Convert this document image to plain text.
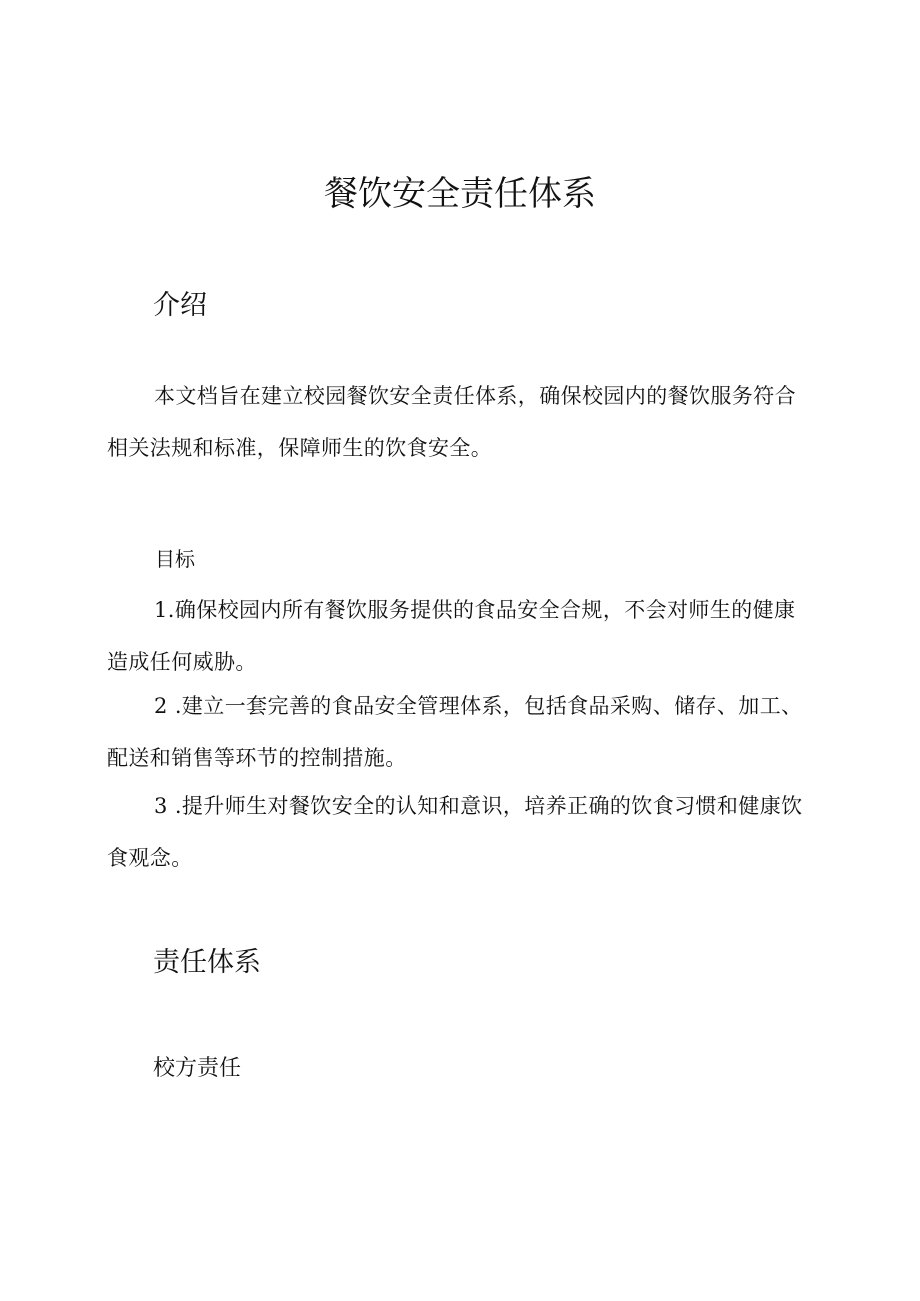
餐饮安全责任体系
介绍

本文档旨在建立校园餐饮安全责任体系，确保校园内的餐饮服务符合相关法规和标准，保障师生的饮食安全。

目标

1.确保校园内所有餐饮服务提供的食品安全合规，不会对师生的健康造成任何威胁。

2 .建立一套完善的食品安全管理体系，包括食品采购、储存、加工、配送和销售等环节的控制措施。

3 .提升师生对餐饮安全的认知和意识，培养正确的饮食习惯和健康饮食观念。

责任体系
校方责任
